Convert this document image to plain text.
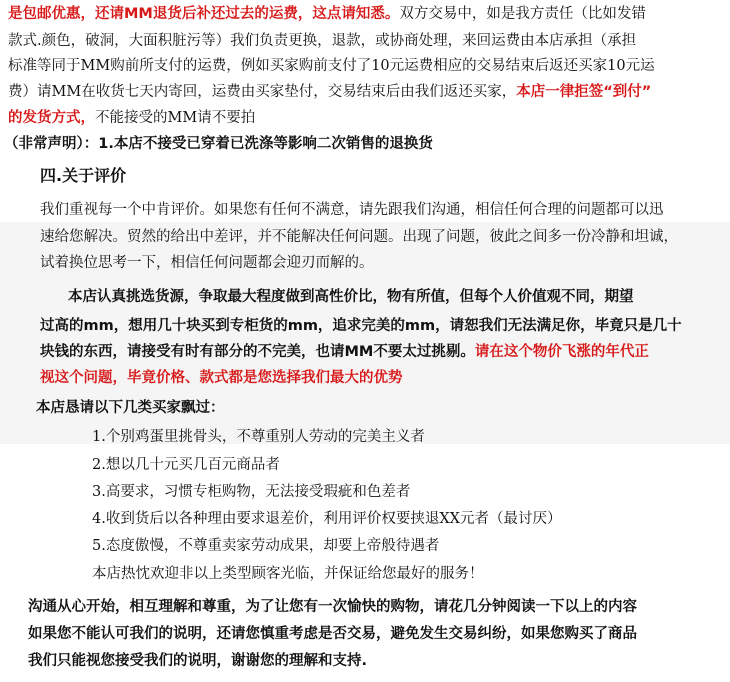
是包邮优惠，还请MM退货后补还过去的运费，这点请知悉。双方交易中，如是我方责任（比如发错
款式.颜色，破洞，大面积脏污等）我们负责更换，退款，或协商处理，来回运费由本店承担（承担
标准等同于MM购前所支付的运费，例如买家购前支付了10元运费相应的交易结束后返还买家10元运
费）请MM在收货七天内寄回，运费由买家垫付，交易结束后由我们返还买家，本店一律拒签“到付”
的发货方式，不能接受的MM请不要拍
（非常声明）：1.本店不接受已穿着已洗涤等影响二次销售的退换货
四.关于评价
我们重视每一个中肯评价。如果您有任何不满意，请先跟我们沟通，相信任何合理的问题都可以迅
速给您解决。贸然的给出中差评，并不能解决任何问题。出现了问题，彼此之间多一份冷静和坦诚，
试着换位思考一下，相信任何问题都会迎刃而解的。
本店认真挑选货源，争取最大程度做到高性价比，物有所值，但每个人价值观不同，期望
过高的mm，想用几十块买到专柜货的mm，追求完美的mm，请恕我们无法满足你，毕竟只是几十
块钱的东西，请接受有时有部分的不完美，也请MM不要太过挑剔。请在这个物价飞涨的年代正
视这个问题，毕竟价格、款式都是您选择我们最大的优势
本店恳请以下几类买家飘过：
1.个别鸡蛋里挑骨头，不尊重别人劳动的完美主义者
2.想以几十元买几百元商品者
3.高要求，习惯专柜购物，无法接受瑕疵和色差者
4.收到货后以各种理由要求退差价，利用评价权要挟退XX元者（最讨厌）
5.态度傲慢，不尊重卖家劳动成果，却要上帝般待遇者
本店热忱欢迎非以上类型顾客光临，并保证给您最好的服务！
沟通从心开始，相互理解和尊重，为了让您有一次愉快的购物，请花几分钟阅读一下以上的内容
如果您不能认可我们的说明，还请您慎重考虑是否交易，避免发生交易纠纷，如果您购买了商品
我们只能视您接受我们的说明，谢谢您的理解和支持.
